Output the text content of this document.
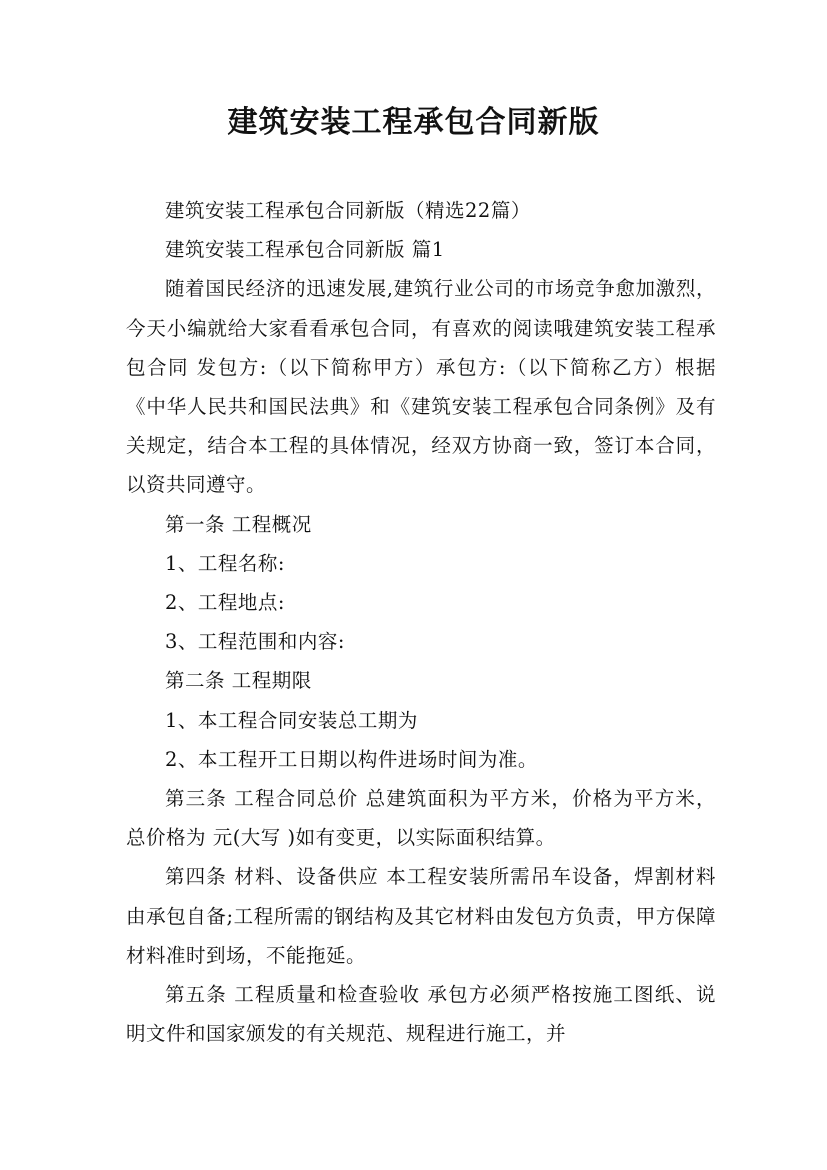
建筑安装工程承包合同新版

建筑安装工程承包合同新版（精选22篇）

建筑安装工程承包合同新版 篇1

随着国民经济的迅速发展,建筑行业公司的市场竞争愈加激烈，今天小编就给大家看看承包合同，有喜欢的阅读哦建筑安装工程承包合同 发包方:（以下简称甲方）承包方:（以下简称乙方）根据《中华人民共和国民法典》和《建筑安装工程承包合同条例》及有关规定，结合本工程的具体情况，经双方协商一致，签订本合同，以资共同遵守。

第一条 工程概况

1、工程名称:

2、工程地点:

3、工程范围和内容:

第二条 工程期限

1、本工程合同安装总工期为

2、本工程开工日期以构件进场时间为准。

第三条 工程合同总价 总建筑面积为平方米，价格为平方米，总价格为 元(大写 )如有变更，以实际面积结算。

第四条 材料、设备供应 本工程安装所需吊车设备，焊割材料由承包自备;工程所需的钢结构及其它材料由发包方负责，甲方保障材料准时到场，不能拖延。

第五条 工程质量和检查验收 承包方必须严格按施工图纸、说明文件和国家颁发的有关规范、规程进行施工，并
